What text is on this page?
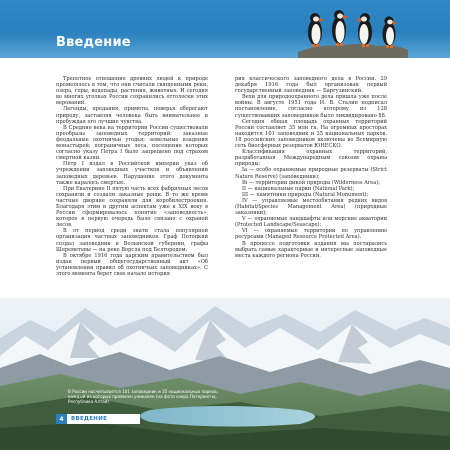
Введение

Трепетное отношение древних людей к природе проявлялось в том, что они считали священными реки, озера, горы, водопады, растения, животных. И сегодня во многих уголках России сохранились отголоски этих верований.

Легенды, предания, приметы, поверья оберегают природу, заставляя человека быть внимательнее и пробуждая его лучшие чувства.

В Средние века на территории России существовали прообразы заповедных территорий: заказные феодальные охотничьи угодья; земельные владения монастырей; пограничные леса, посещение которых согласно указу Петра I было запрещено под страхом смертной казни.

Пётр I издал в Российской империи указ об учреждении заповедных участков и объявлении заповедных деревьев. Нарушение этого документа также каралось смертью.

При Екатерине II пятую часть всех фабричных лесов сохраняли и создали заказные рощи. В то же время частные дворяне сохраняли для коробилестроения. Благодаря этим и другим аспектам уже к XIX веку в России сформировалось понятие «заповедность», которое в первую очередь было связано с охраной лесов.

В от период среди знати стала популярной организация частных заповедников. Граф Потоцкий создал заповедник в Волынской губернии, графы Шереметевы — на реке Ворсла под Белгородом.

В октябре 1916 года царским правительством был издан первый общегосударственный акт «Об установлении правил об охотничьих заповедниках». С этого момента берет свое начало история

рия классического заповедного дела в России. 29 декабря 1916 года был организован первый государственный заповедник — Баргузинский.

Вехи для природоохранного дела пришла уже после войны. В августе 1951 года И. В. Сталин подписал постановление, согласно которому из 128 существовавших заповедников было ликвидировано 88.

Сегодня общая площадь охранных территорий России составляет 35 млн га. На огромных просторах находится 101 заповедник и 35 национальных парков. 18 российских заповедников включены во Всемирную сеть биосферных резерватов ЮНЕСКО.

Классификация охранных территорий, разработанная Международным союзом охраны природы:

Ia — особо охраняемые природные резерваты (Strict Nature Reserve) (заповедники);

Ib — территории дикой природы (Wilderness Area);

II — национальные парки (National Park);

III — памятники природы (Natural Monument);

IV — управляемые местообитания редких видов (Habitat/Species Management Area) (природные заказники);

V — охраняемые ландшафты или морские акватории (Protected Landscape/Seascape);

VI — охраняемые территории по управлению ресурсами (Managed Resource Protected Area).

В процессе подготовки издания мы постарались выбрать самые характерные и интересные заповедные места каждого региона России.

В России насчитывается 101 заповедник и 35 национальных парков, каждый из которых проявлен уникален (на фото озеро Потеренгно, Республика Алтай)
4	ВВЕДЕНИЕ
